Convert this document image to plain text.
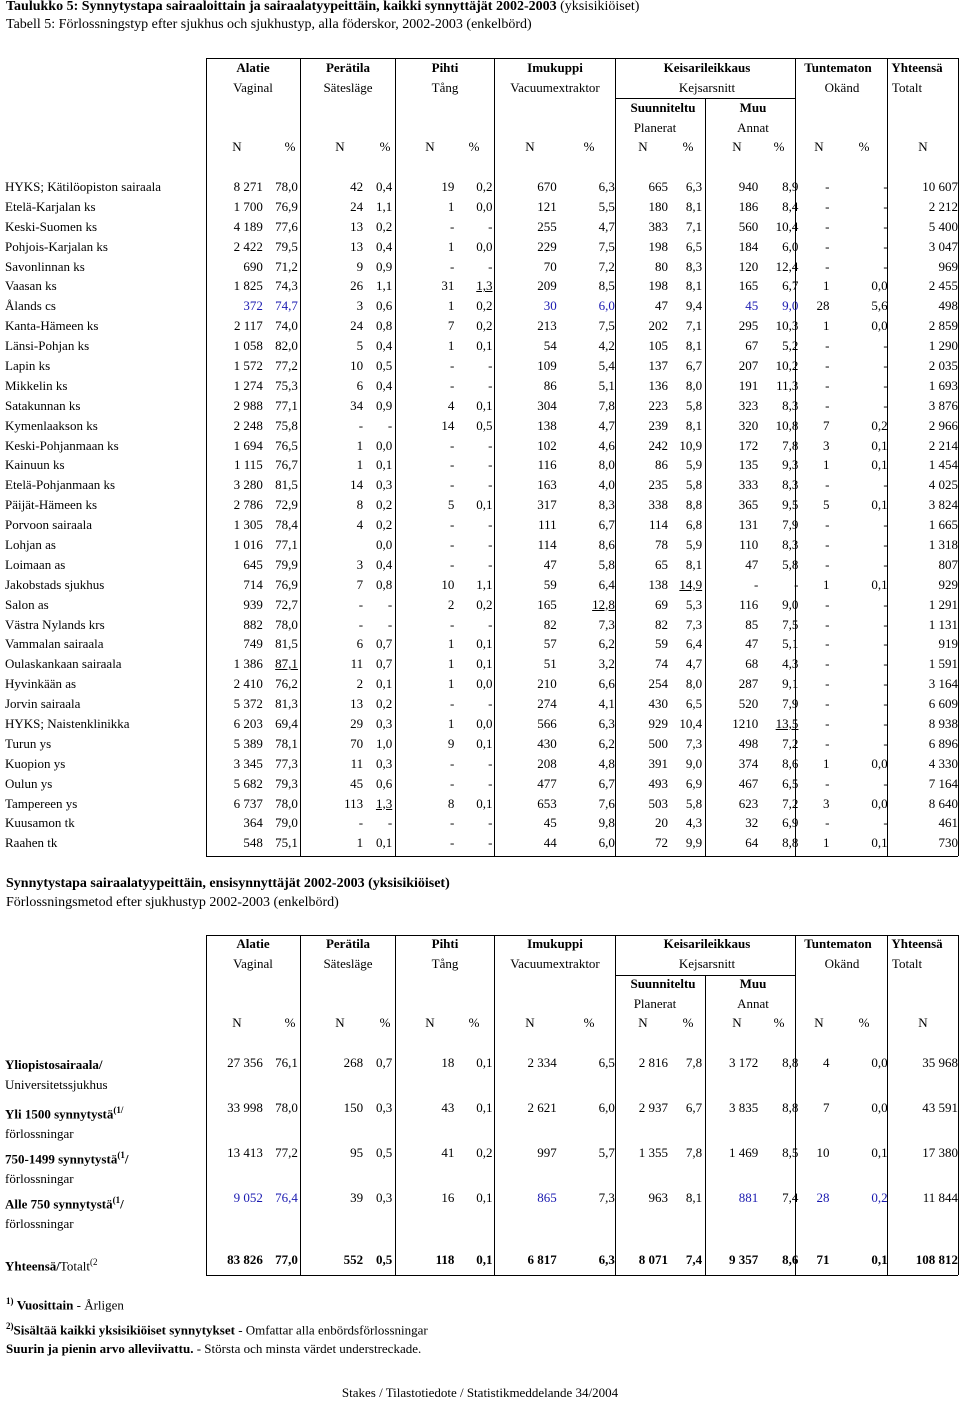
Taulukko 5: Synnytystapa sairaaloittain ja sairaalatyypeittäin, kaikki synnyttäjät 2002-2003 (yksisikiöiset)
Tabell 5: Förlossningstyp efter sjukhus och sjukhustyp, alla föderskor, 2002-2003 (enkelbörd)
Alatie	Perätila	Pihti	Imukuppi	Keisarileikkaus	Tuntematon	Yhteensä
Vaginal	Sätesläge	Tång	Vacuumextraktor	Kejsarsnitt	Okänd	Totalt
Suunniteltu	Muu
Planerat	Annat
N	%	N	%	N	%	N	%	N	%	N	%	N	%	N
HYKS; Kätilöopiston sairaala	8 271	78,0	42	0,4	19	0,2	670	6,3	665	6,3	940	8,9	-	-	10 607
Etelä-Karjalan ks	1 700	76,9	24	1,1	1	0,0	121	5,5	180	8,1	186	8,4	-	-	2 212
Keski-Suomen ks	4 189	77,6	13	0,2	-	-	255	4,7	383	7,1	560	10,4	-	-	5 400
Pohjois-Karjalan ks	2 422	79,5	13	0,4	1	0,0	229	7,5	198	6,5	184	6,0	-	-	3 047
Savonlinnan ks	690	71,2	9	0,9	-	-	70	7,2	80	8,3	120	12,4	-	-	969
Vaasan ks	1 825	74,3	26	1,1	31	1,3	209	8,5	198	8,1	165	6,7	1	0,0	2 455
Ålands cs	372	74,7	3	0,6	1	0,2	30	6,0	47	9,4	45	9,0	28	5,6	498
Kanta-Hämeen ks	2 117	74,0	24	0,8	7	0,2	213	7,5	202	7,1	295	10,3	1	0,0	2 859
Länsi-Pohjan ks	1 058	82,0	5	0,4	1	0,1	54	4,2	105	8,1	67	5,2	-	-	1 290
Lapin ks	1 572	77,2	10	0,5	-	-	109	5,4	137	6,7	207	10,2	-	-	2 035
Mikkelin ks	1 274	75,3	6	0,4	-	-	86	5,1	136	8,0	191	11,3	-	-	1 693
Satakunnan ks	2 988	77,1	34	0,9	4	0,1	304	7,8	223	5,8	323	8,3	-	-	3 876
Kymenlaakson ks	2 248	75,8	-	-	14	0,5	138	4,7	239	8,1	320	10,8	7	0,2	2 966
Keski-Pohjanmaan ks	1 694	76,5	1	0,0	-	-	102	4,6	242	10,9	172	7,8	3	0,1	2 214
Kainuun ks	1 115	76,7	1	0,1	-	-	116	8,0	86	5,9	135	9,3	1	0,1	1 454
Etelä-Pohjanmaan ks	3 280	81,5	14	0,3	-	-	163	4,0	235	5,8	333	8,3	-	-	4 025
Päijät-Hämeen ks	2 786	72,9	8	0,2	5	0,1	317	8,3	338	8,8	365	9,5	5	0,1	3 824
Porvoon sairaala	1 305	78,4	4	0,2	-	-	111	6,7	114	6,8	131	7,9	-	-	1 665
Lohjan as	1 016	77,1		0,0	-	-	114	8,6	78	5,9	110	8,3	-	-	1 318
Loimaan as	645	79,9	3	0,4	-	-	47	5,8	65	8,1	47	5,8	-	-	807
Jakobstads sjukhus	714	76,9	7	0,8	10	1,1	59	6,4	138	14,9	-	-	1	0,1	929
Salon as	939	72,7	-	-	2	0,2	165	12,8	69	5,3	116	9,0	-	-	1 291
Västra Nylands krs	882	78,0	-	-	-	-	82	7,3	82	7,3	85	7,5	-	-	1 131
Vammalan sairaala	749	81,5	6	0,7	1	0,1	57	6,2	59	6,4	47	5,1	-	-	919
Oulaskankaan sairaala	1 386	87,1	11	0,7	1	0,1	51	3,2	74	4,7	68	4,3	-	-	1 591
Hyvinkään as	2 410	76,2	2	0,1	1	0,0	210	6,6	254	8,0	287	9,1	-	-	3 164
Jorvin sairaala	5 372	81,3	13	0,2	-	-	274	4,1	430	6,5	520	7,9	-	-	6 609
HYKS; Naistenklinikka	6 203	69,4	29	0,3	1	0,0	566	6,3	929	10,4	1210	13,5	-	-	8 938
Turun ys	5 389	78,1	70	1,0	9	0,1	430	6,2	500	7,3	498	7,2	-	-	6 896
Kuopion ys	3 345	77,3	11	0,3	-	-	208	4,8	391	9,0	374	8,6	1	0,0	4 330
Oulun ys	5 682	79,3	45	0,6	-	-	477	6,7	493	6,9	467	6,5	-	-	7 164
Tampereen ys	6 737	78,0	113	1,3	8	0,1	653	7,6	503	5,8	623	7,2	3	0,0	8 640
Kuusamon tk	364	79,0	-	-	-	-	45	9,8	20	4,3	32	6,9	-	-	461
Raahen tk	548	75,1	1	0,1	-	-	44	6,0	72	9,9	64	8,8	1	0,1	730
Synnytystapa sairaalatyypeittäin, ensisynnyttäjät 2002-2003 (yksisikiöiset)
Förlossningsmetod efter sjukhustyp 2002-2003 (enkelbörd)
Alatie	Perätila	Pihti	Imukuppi	Keisarileikkaus	Tuntematon	Yhteensä
Vaginal	Sätesläge	Tång	Vacuumextraktor	Kejsarsnitt	Okänd	Totalt
Suunniteltu	Muu
Planerat	Annat
N	%	N	%	N	%	N	%	N	%	N	%	N	%	N
Yliopistosairaala/
Universitetssjukhus	27 356	76,1	268	0,7	18	0,1	2 334	6,5	2 816	7,8	3 172	8,8	4	0,0	35 968
Yli 1500 synnytystä$^{(1/}$
förlossningar	33 998	78,0	150	0,3	43	0,1	2 621	6,0	2 937	6,7	3 835	8,8	7	0,0	43 591
750-1499 synnytystä$^{(1}$/
förlossningar	13 413	77,2	95	0,5	41	0,2	997	5,7	1 355	7,8	1 469	8,5	10	0,1	17 380
Alle 750 synnytystä$^{(1}$/
förlossningar	9 052	76,4	39	0,3	16	0,1	865	7,3	963	8,1	881	7,4	28	0,2	11 844
Yhteensä/Totalt$^{(2}$	83 826	77,0	552	0,5	118	0,1	6 817	6,3	8 071	7,4	9 357	8,6	71	0,1	108 812
$^{1)}$ Vuosittain - Årligen
$^{2)}$Sisältää kaikki yksisikiöiset synnytykset - Omfattar alla enbördsförlossningar
Suurin ja pienin arvo alleviivattu. - Största och minsta värdet understreckade.
Stakes / Tilastotiedote / Statistikmeddelande 34/2004
